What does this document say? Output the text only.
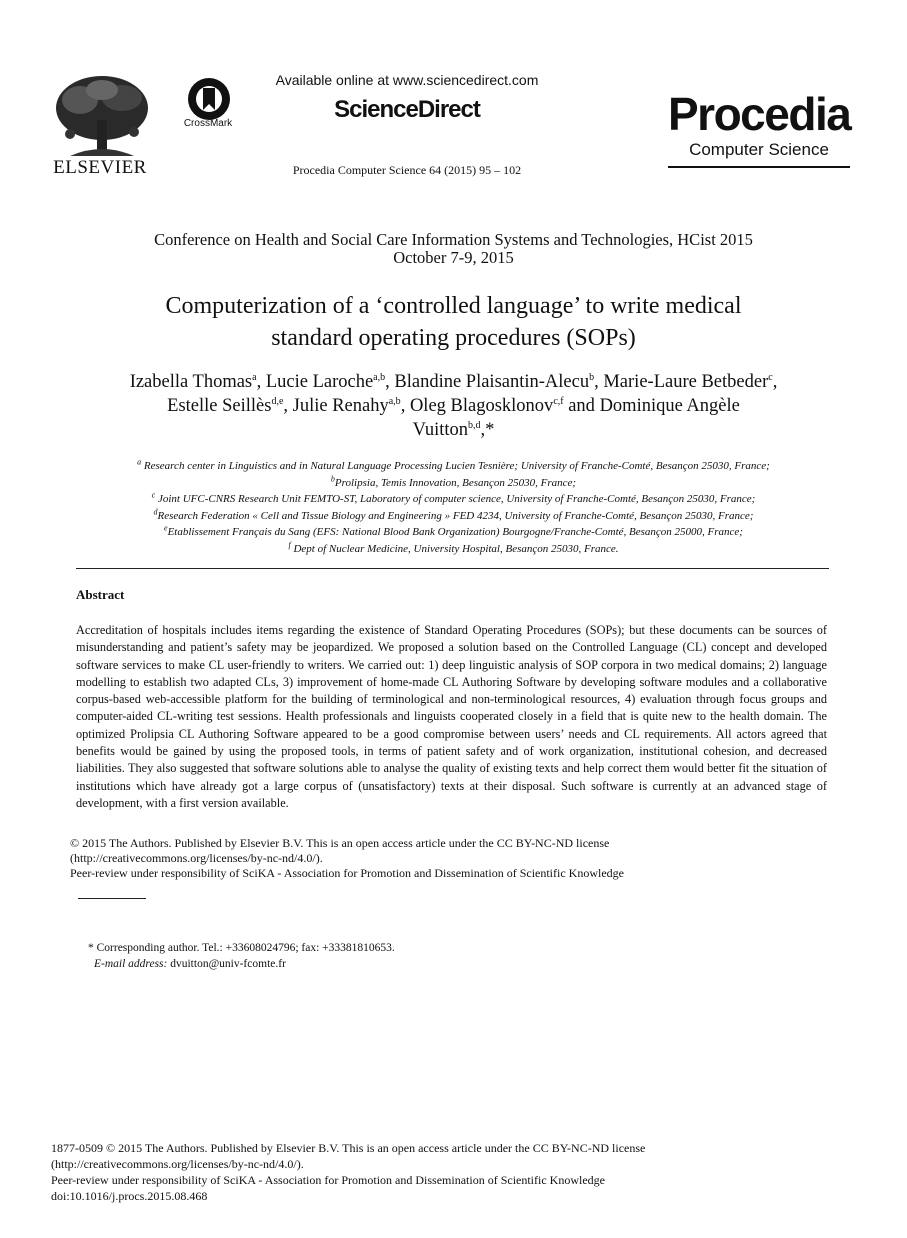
ELSEVIER
CrossMark
Available online at www.sciencedirect.com
ScienceDirect
Procedia Computer Science 64 (2015) 95 – 102
Procedia
Computer Science
Conference on Health and Social Care Information Systems and Technologies, HCist 2015
October 7-9, 2015
Computerization of a ‘controlled language’ to write medical
standard operating procedures (SOPs)
Izabella Thomas$^a$, Lucie Laroche$^{a,b}$, Blandine Plaisantin-Alecu$^b$, Marie-Laure Betbeder$^c$,
Estelle Seillès$^{d,e}$, Julie Renahy$^{a,b}$, Oleg Blagosklonov$^{c,f}$ and Dominique Angèle
Vuitton$^{b,d}$,*
$^a$ Research center in Linguistics and in Natural Language Processing Lucien Tesnière; University of Franche-Comté, Besançon 25030, France;
$^b$Prolipsia, Temis Innovation, Besançon 25030, France;
$^c$ Joint UFC-CNRS Research Unit FEMTO-ST, Laboratory of computer science, University of Franche-Comté, Besançon 25030, France;
$^d$Research Federation « Cell and Tissue Biology and Engineering » FED 4234, University of Franche-Comté, Besançon 25030, France;
$^e$Etablissement Français du Sang (EFS: National Blood Bank Organization) Bourgogne/Franche-Comté, Besançon 25000, France;
$^f$ Dept of Nuclear Medicine, University Hospital, Besançon 25030, France.
Abstract
Accreditation of hospitals includes items regarding the existence of Standard Operating Procedures (SOPs); but these documents can be sources of misunderstanding and patient’s safety may be jeopardized. We proposed a solution based on the Controlled Language (CL) concept and developed software services to make CL user-friendly to writers. We carried out: 1) deep linguistic analysis of SOP corpora in two medical domains; 2) language modelling to establish two adapted CLs, 3) improvement of home-made CL Authoring Software by developing software modules and a collaborative corpus-based web-accessible platform for the building of terminological and non-terminological resources, 4) evaluation through focus groups and computer-aided CL-writing test sessions. Health professionals and linguists cooperated closely in a field that is quite new to the health domain. The optimized Prolipsia CL Authoring Software appeared to be a good compromise between users’ needs and CL requirements. All actors agreed that benefits would be gained by using the proposed tools, in terms of patient safety and of work organization, institutional cohesion, and decreased liabilities. They also suggested that software solutions able to analyse the quality of existing texts and help correct them would better fit the situation of institutions which have already got a large corpus of (unsatisfactory) texts at their disposal. Such software is currently at an advanced stage of development, with a first version available.
© 2015 The Authors. Published by Elsevier B.V. This is an open access article under the CC BY-NC-ND license
(http://creativecommons.org/licenses/by-nc-nd/4.0/).
Peer-review under responsibility of SciKA - Association for Promotion and Dissemination of Scientific Knowledge
* Corresponding author. Tel.: +33608024796; fax: +33381810653.
E-mail address: dvuitton@univ-fcomte.fr
1877-0509 © 2015 The Authors. Published by Elsevier B.V. This is an open access article under the CC BY-NC-ND license
(http://creativecommons.org/licenses/by-nc-nd/4.0/).
Peer-review under responsibility of SciKA - Association for Promotion and Dissemination of Scientific Knowledge
doi:10.1016/j.procs.2015.08.468
